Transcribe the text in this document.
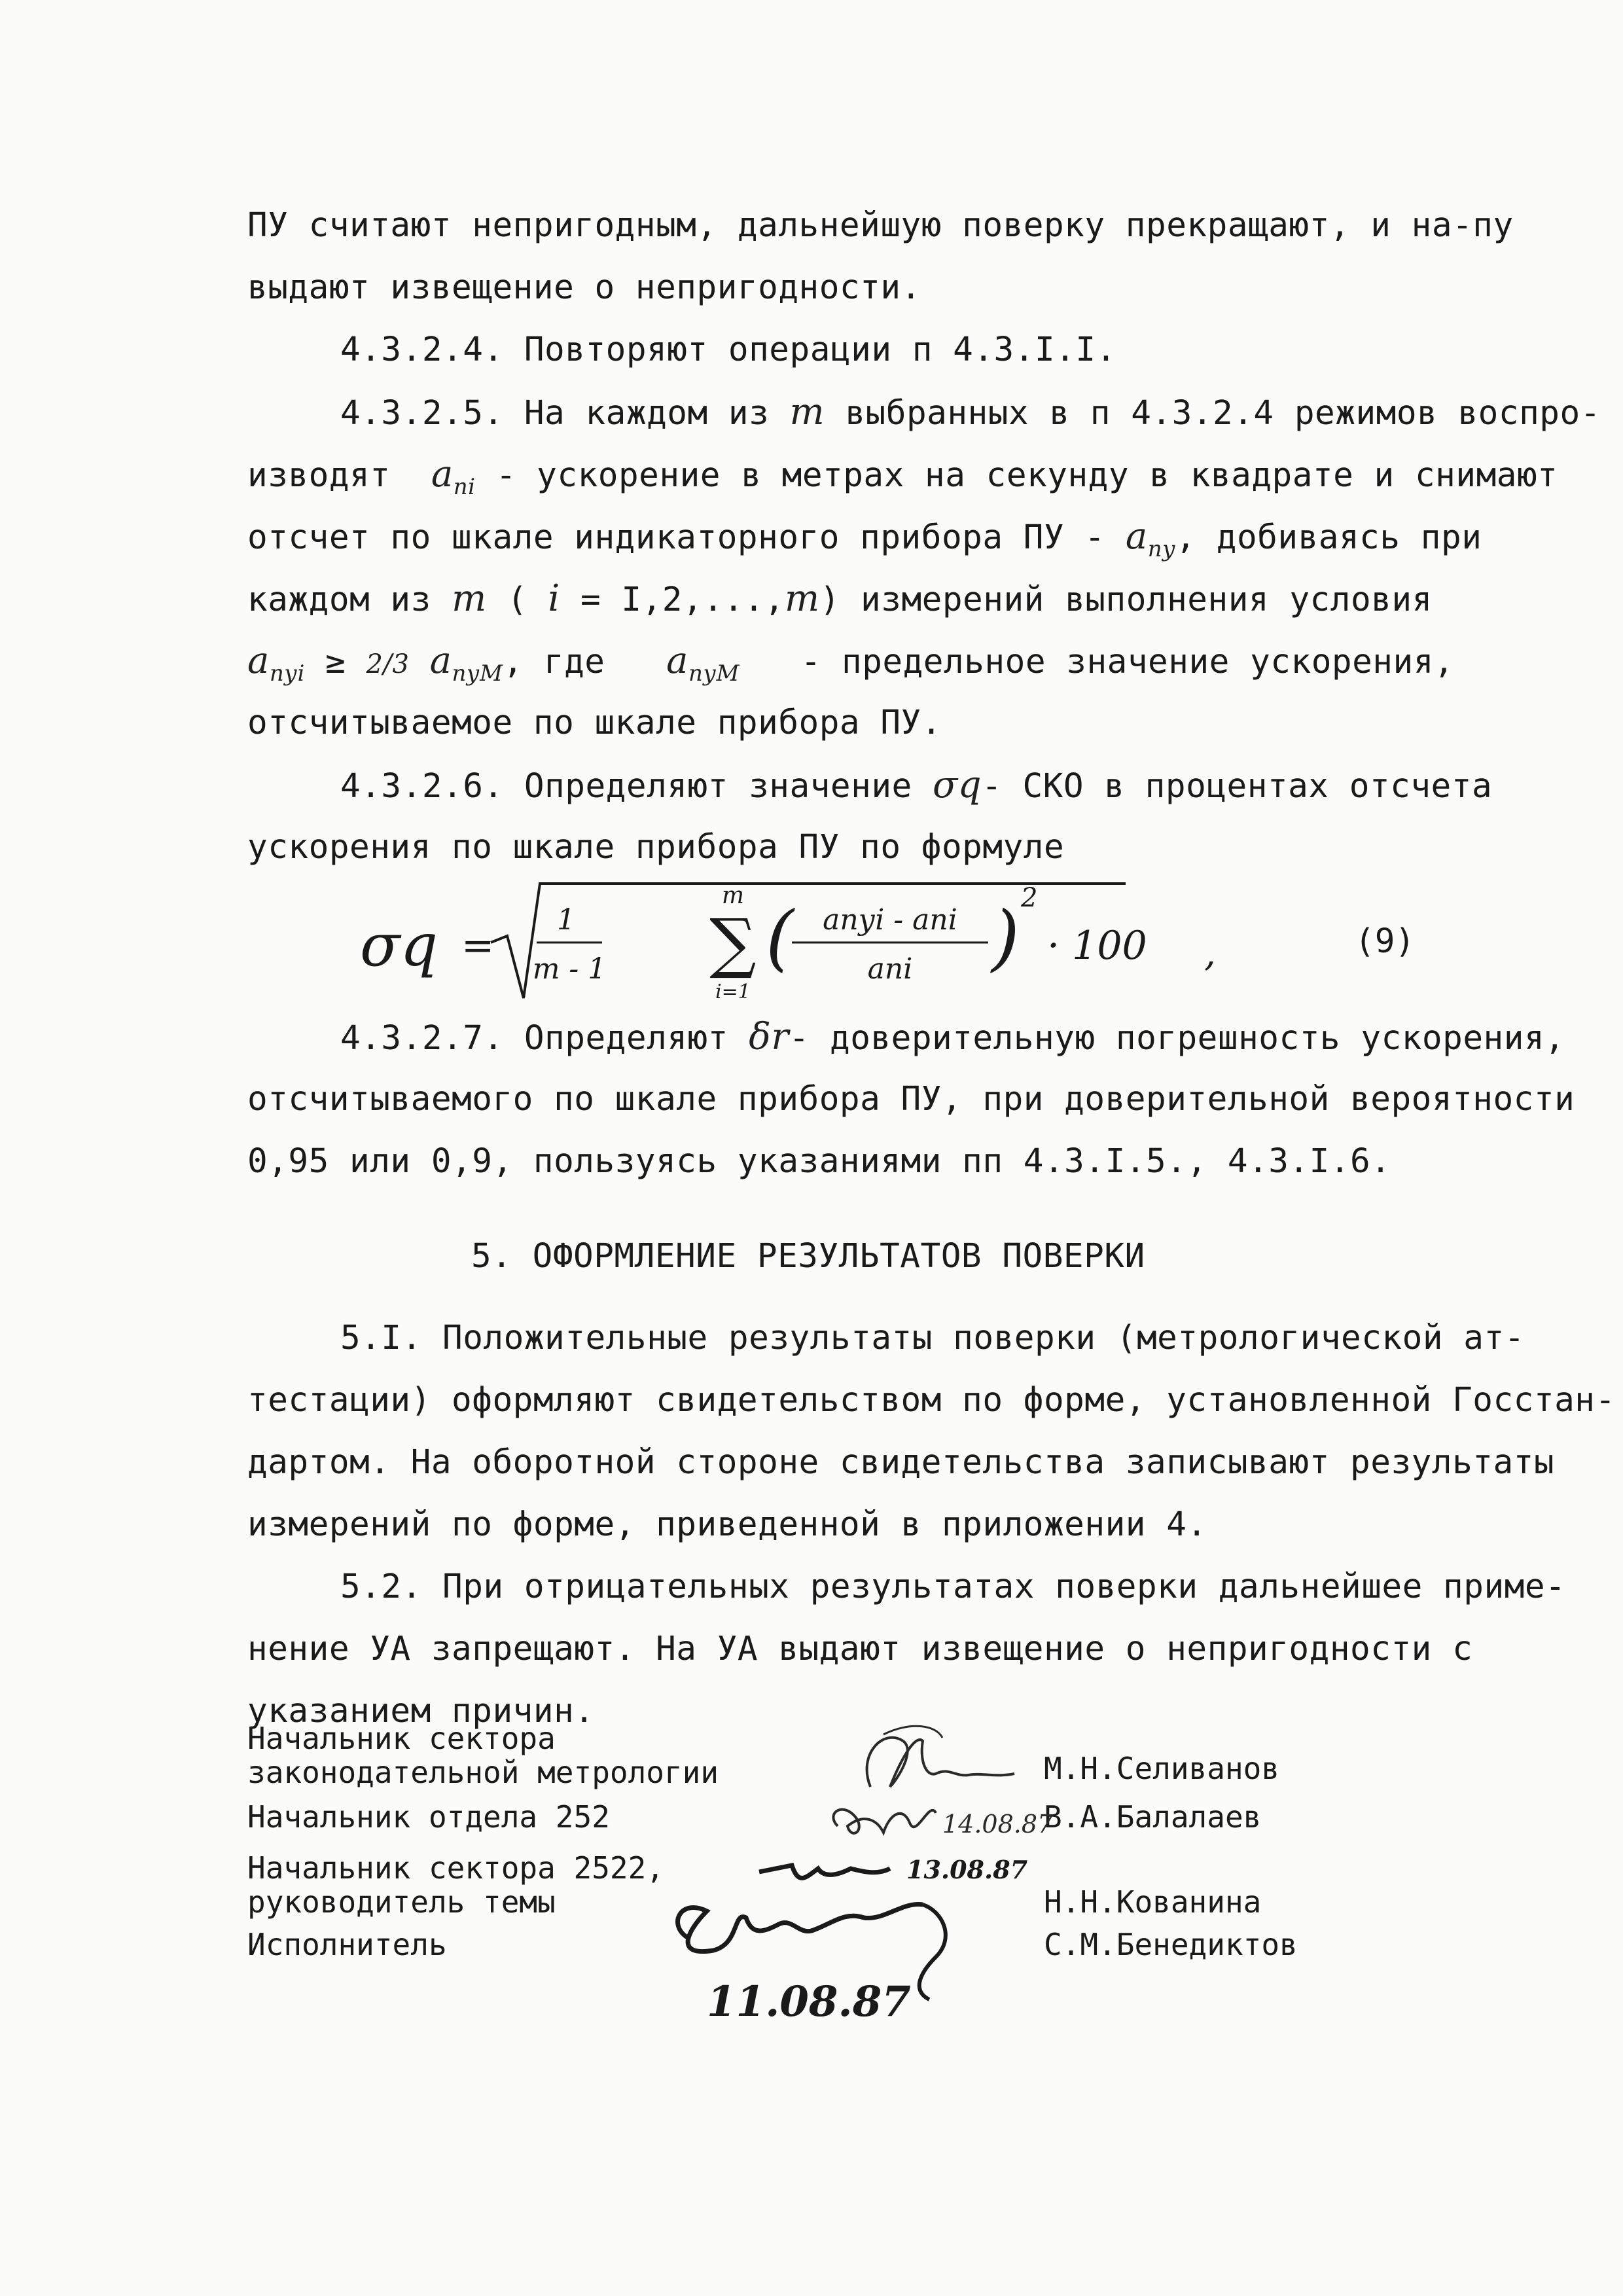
ПУ считают непригодным, дальнейшую поверку прекращают, и на-пу
выдают извещение о непригодности.
4.3.2.4. Повторяют операции п 4.3.I.I.
4.3.2.5. На каждом из m выбранных в п 4.3.2.4 режимов воспро-
изводят $a_{ni}$ - ускорение в метрах на секунду в квадрате и снимают
отсчет по шкале индикаторного прибора ПУ - $a_{пу}$, добиваясь при
каждом из m ( i = I,2,...,m) измерений выполнения условия
$a_{пуi} \ge 2/3$ $a_{пуМ}$, где $a_{пуМ}$ - предельное значение ускорения,
отсчитываемое по шкале прибора ПУ.
4.3.2.6. Определяют значение σq- СКО в процентах отсчета
ускорения по шкале прибора ПУ по формуле
σq =
1
m - 1
m
∑
i=1
( aпуi - ani
ani ) 2
· 100 ,	(9)
4.3.2.7. Определяют δr- доверительную погрешность ускорения,
отсчитываемого по шкале прибора ПУ, при доверительной вероятности
0,95 или 0,9, пользуясь указаниями пп 4.3.I.5., 4.3.I.6.
5. ОФОРМЛЕНИЕ РЕЗУЛЬТАТОВ ПОВЕРКИ
5.I. Положительные результаты поверки (метрологической ат-
тестации) оформляют свидетельством по форме, установленной Госстан-
дартом. На оборотной стороне свидетельства записывают результаты
измерений по форме, приведенной в приложении 4.
5.2. При отрицательных результатах поверки дальнейшее приме-
нение УА запрещают. На УА выдают извещение о непригодности с
указанием причин.
Начальник сектора
законодательной метрологии	М.Н.Селиванов
Начальник отдела 252	В.А.Балалаев
Начальник сектора 2522,
руководитель темы	Н.Н.Кованина
Исполнитель	С.М.Бенедиктов
14.08.87
13.08.87
11.08.87
